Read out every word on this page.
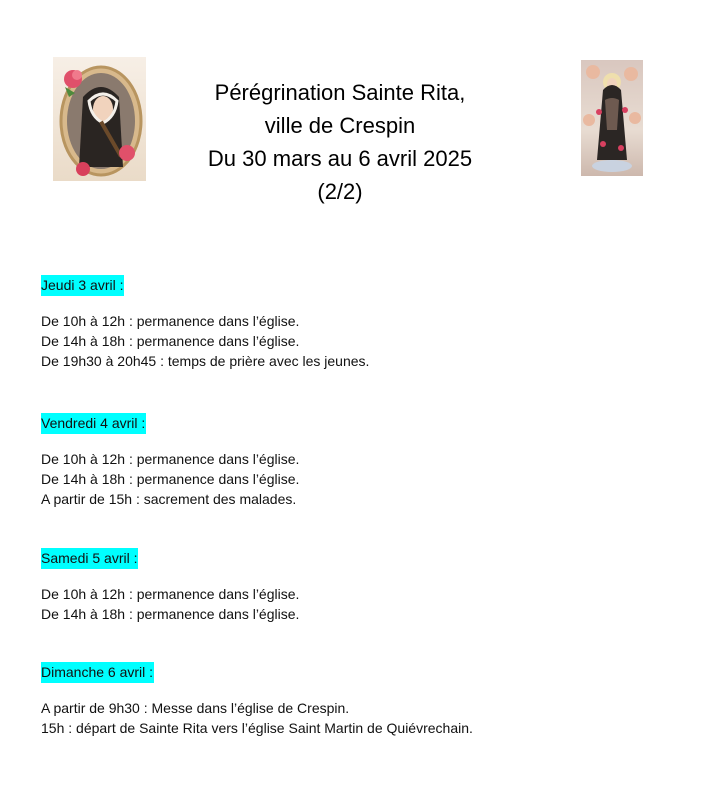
Pérégrination Sainte Rita,
ville de Crespin
Du 30 mars au 6 avril 2025
(2/2)
Jeudi 3 avril :
De 10h à 12h : permanence dans l’église.
De 14h à 18h : permanence dans l’église.
De 19h30 à 20h45 : temps de prière avec les jeunes.
Vendredi 4 avril :
De 10h à 12h : permanence dans l’église.
De 14h à 18h : permanence dans l’église.
A partir de 15h : sacrement des malades.
Samedi 5 avril :
De 10h à 12h : permanence dans l’église.
De 14h à 18h : permanence dans l’église.
Dimanche 6 avril :
A partir de 9h30 : Messe dans l’église de Crespin.
15h : départ de Sainte Rita vers l’église Saint Martin de Quiévrechain.
